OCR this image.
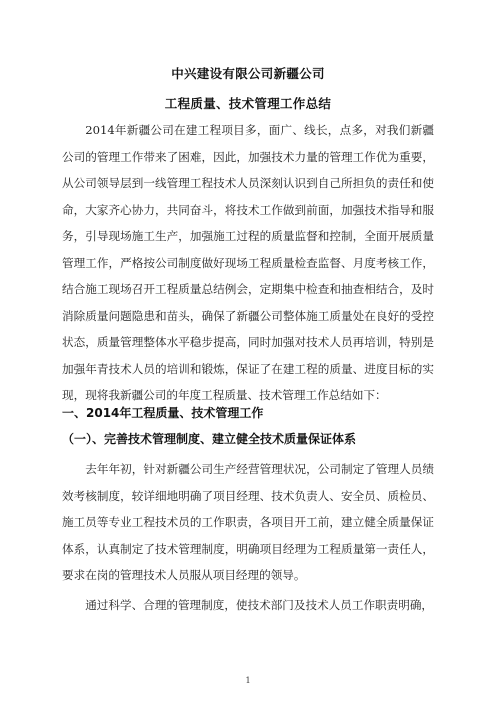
中兴建设有限公司新疆公司
工程质量、技术管理工作总结

2014年新疆公司在建工程项目多，面广、线长，点多，对我们新疆公司的管理工作带来了困难，因此，加强技术力量的管理工作优为重要，从公司领导层到一线管理工程技术人员深刻认识到自己所担负的责任和使命，大家齐心协力，共同奋斗，将技术工作做到前面，加强技术指导和服务，引导现场施工生产，加强施工过程的质量监督和控制，全面开展质量管理工作，严格按公司制度做好现场工程质量检查监督、月度考核工作，结合施工现场召开工程质量总结例会，定期集中检查和抽查相结合，及时消除质量问题隐患和苗头，确保了新疆公司整体施工质量处在良好的受控状态，质量管理整体水平稳步提高，同时加强对技术人员再培训，特别是加强年青技术人员的培训和锻炼，保证了在建工程的质量、进度目标的实现，现将我新疆公司的年度工程质量、技术管理工作总结如下：

一、2014年工程质量、技术管理工作
（一）、完善技术管理制度、建立健全技术质量保证体系

去年年初，针对新疆公司生产经营管理状况，公司制定了管理人员绩效考核制度，较详细地明确了项目经理、技术负责人、安全员、质检员、施工员等专业工程技术员的工作职责，各项目开工前，建立健全质量保证体系，认真制定了技术管理制度，明确项目经理为工程质量第一责任人，要求在岗的管理技术人员服从项目经理的领导。

通过科学、合理的管理制度，使技术部门及技术人员工作职责明确，

1
